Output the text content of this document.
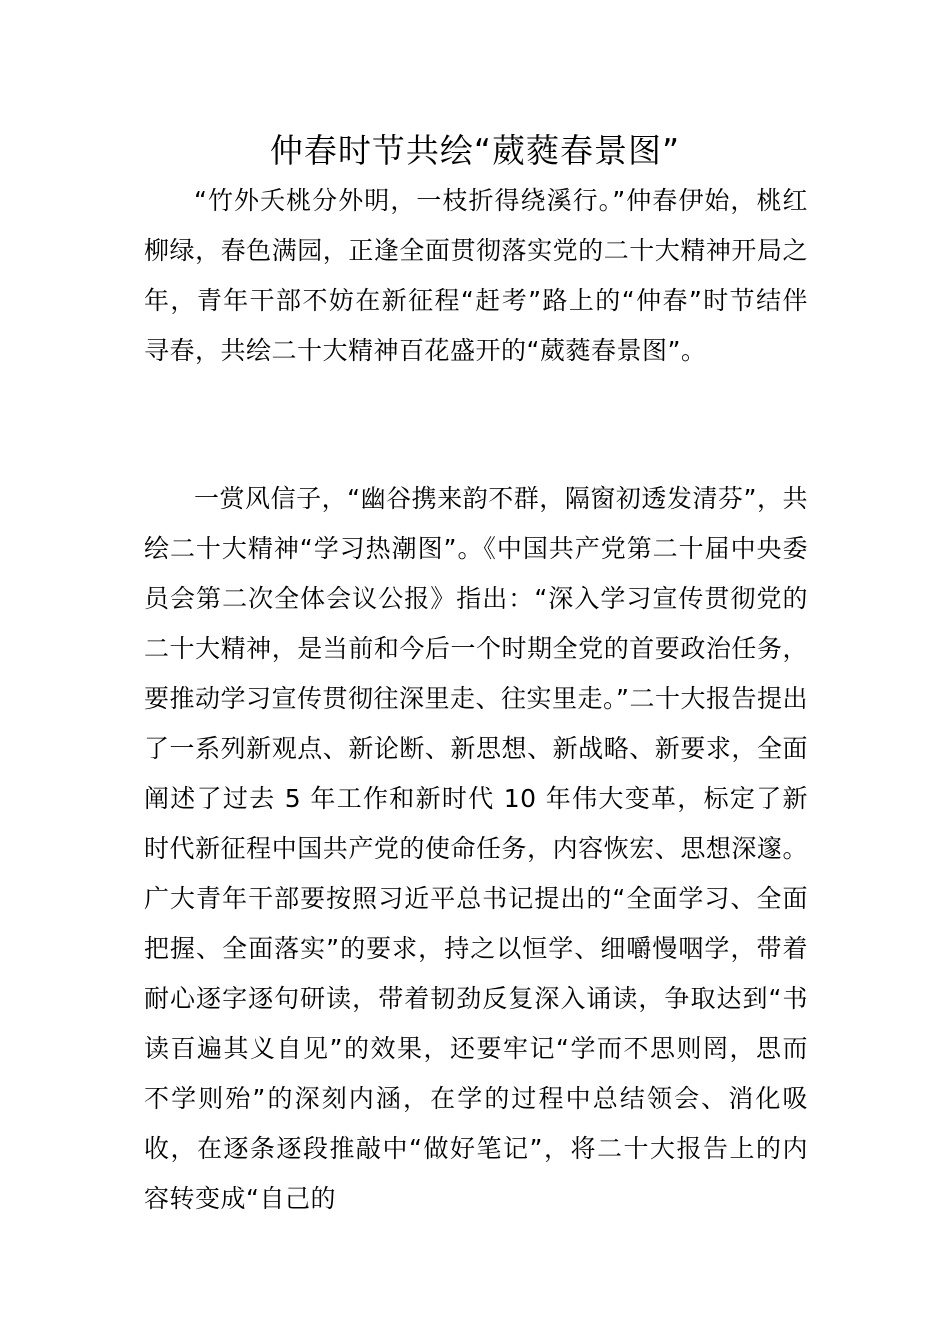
仲春时节共绘“葳蕤春景图”

“竹外夭桃分外明，一枝折得绕溪行。”仲春伊始，桃红柳绿，春色满园，正逢全面贯彻落实党的二十大精神开局之年，青年干部不妨在新征程“赶考”路上的“仲春”时节结伴寻春，共绘二十大精神百花盛开的“葳蕤春景图”。

一赏风信子，“幽谷携来韵不群，隔窗初透发清芬”，共绘二十大精神“学习热潮图”。《中国共产党第二十届中央委员会第二次全体会议公报》指出：“深入学习宣传贯彻党的二十大精神，是当前和今后一个时期全党的首要政治任务，要推动学习宣传贯彻往深里走、往实里走。”二十大报告提出了一系列新观点、新论断、新思想、新战略、新要求，全面阐述了过去 5 年工作和新时代 10 年伟大变革，标定了新时代新征程中国共产党的使命任务，内容恢宏、思想深邃。广大青年干部要按照习近平总书记提出的“全面学习、全面把握、全面落实”的要求，持之以恒学、细嚼慢咽学，带着耐心逐字逐句研读，带着韧劲反复深入诵读，争取达到“书读百遍其义自见”的效果，还要牢记“学而不思则罔，思而不学则殆”的深刻内涵，在学的过程中总结领会、消化吸收，在逐条逐段推敲中“做好笔记”，将二十大报告上的内容转变成“自己的
